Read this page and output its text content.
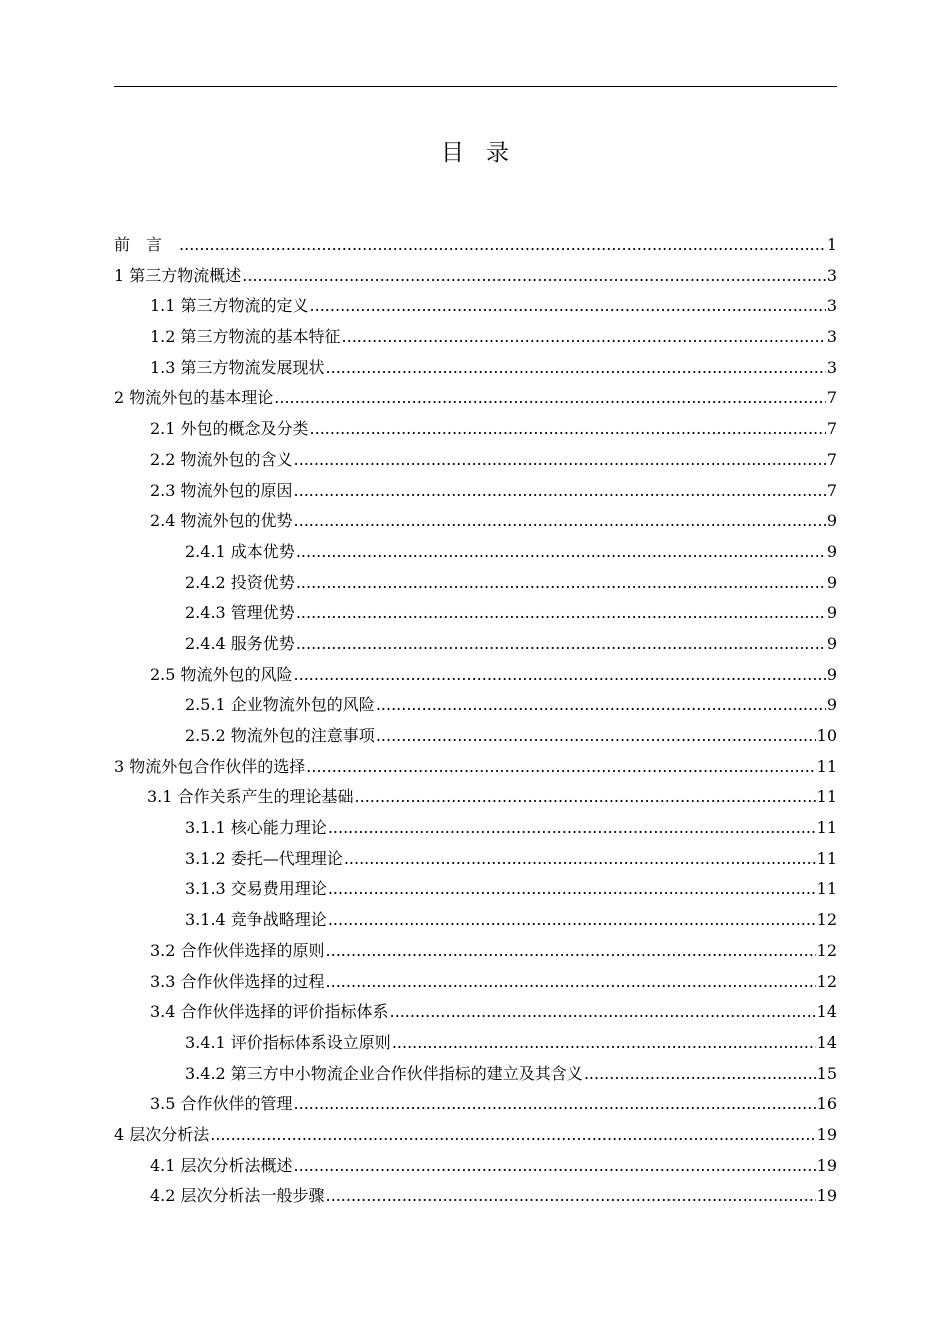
目录
前言 .....	1
1 第三方物流概述 .....	3
1.1 第三方物流的定义 .....	3
1.2 第三方物流的基本特征 .....	3
1.3 第三方物流发展现状 .....	3
2 物流外包的基本理论 .....	7
2.1 外包的概念及分类 .....	7
2.2 物流外包的含义 .....	7
2.3 物流外包的原因 .....	7
2.4 物流外包的优势 .....	9
2.4.1 成本优势 .....	9
2.4.2 投资优势 .....	9
2.4.3 管理优势 .....	9
2.4.4 服务优势 .....	9
2.5 物流外包的风险 .....	9
2.5.1 企业物流外包的风险 .....	9
2.5.2 物流外包的注意事项 .....	10
3 物流外包合作伙伴的选择 .....	11
3.1 合作关系产生的理论基础 .....	11
3.1.1 核心能力理论 .....	11
3.1.2 委托—代理理论 .....	11
3.1.3 交易费用理论 .....	11
3.1.4 竞争战略理论 .....	12
3.2 合作伙伴选择的原则 .....	12
3.3 合作伙伴选择的过程 .....	12
3.4 合作伙伴选择的评价指标体系 .....	14
3.4.1 评价指标体系设立原则 .....	14
3.4.2 第三方中小物流企业合作伙伴指标的建立及其含义 .....	15
3.5 合作伙伴的管理 .....	16
4 层次分析法 .....	19
4.1 层次分析法概述 .....	19
4.2 层次分析法一般步骤 .....	19
